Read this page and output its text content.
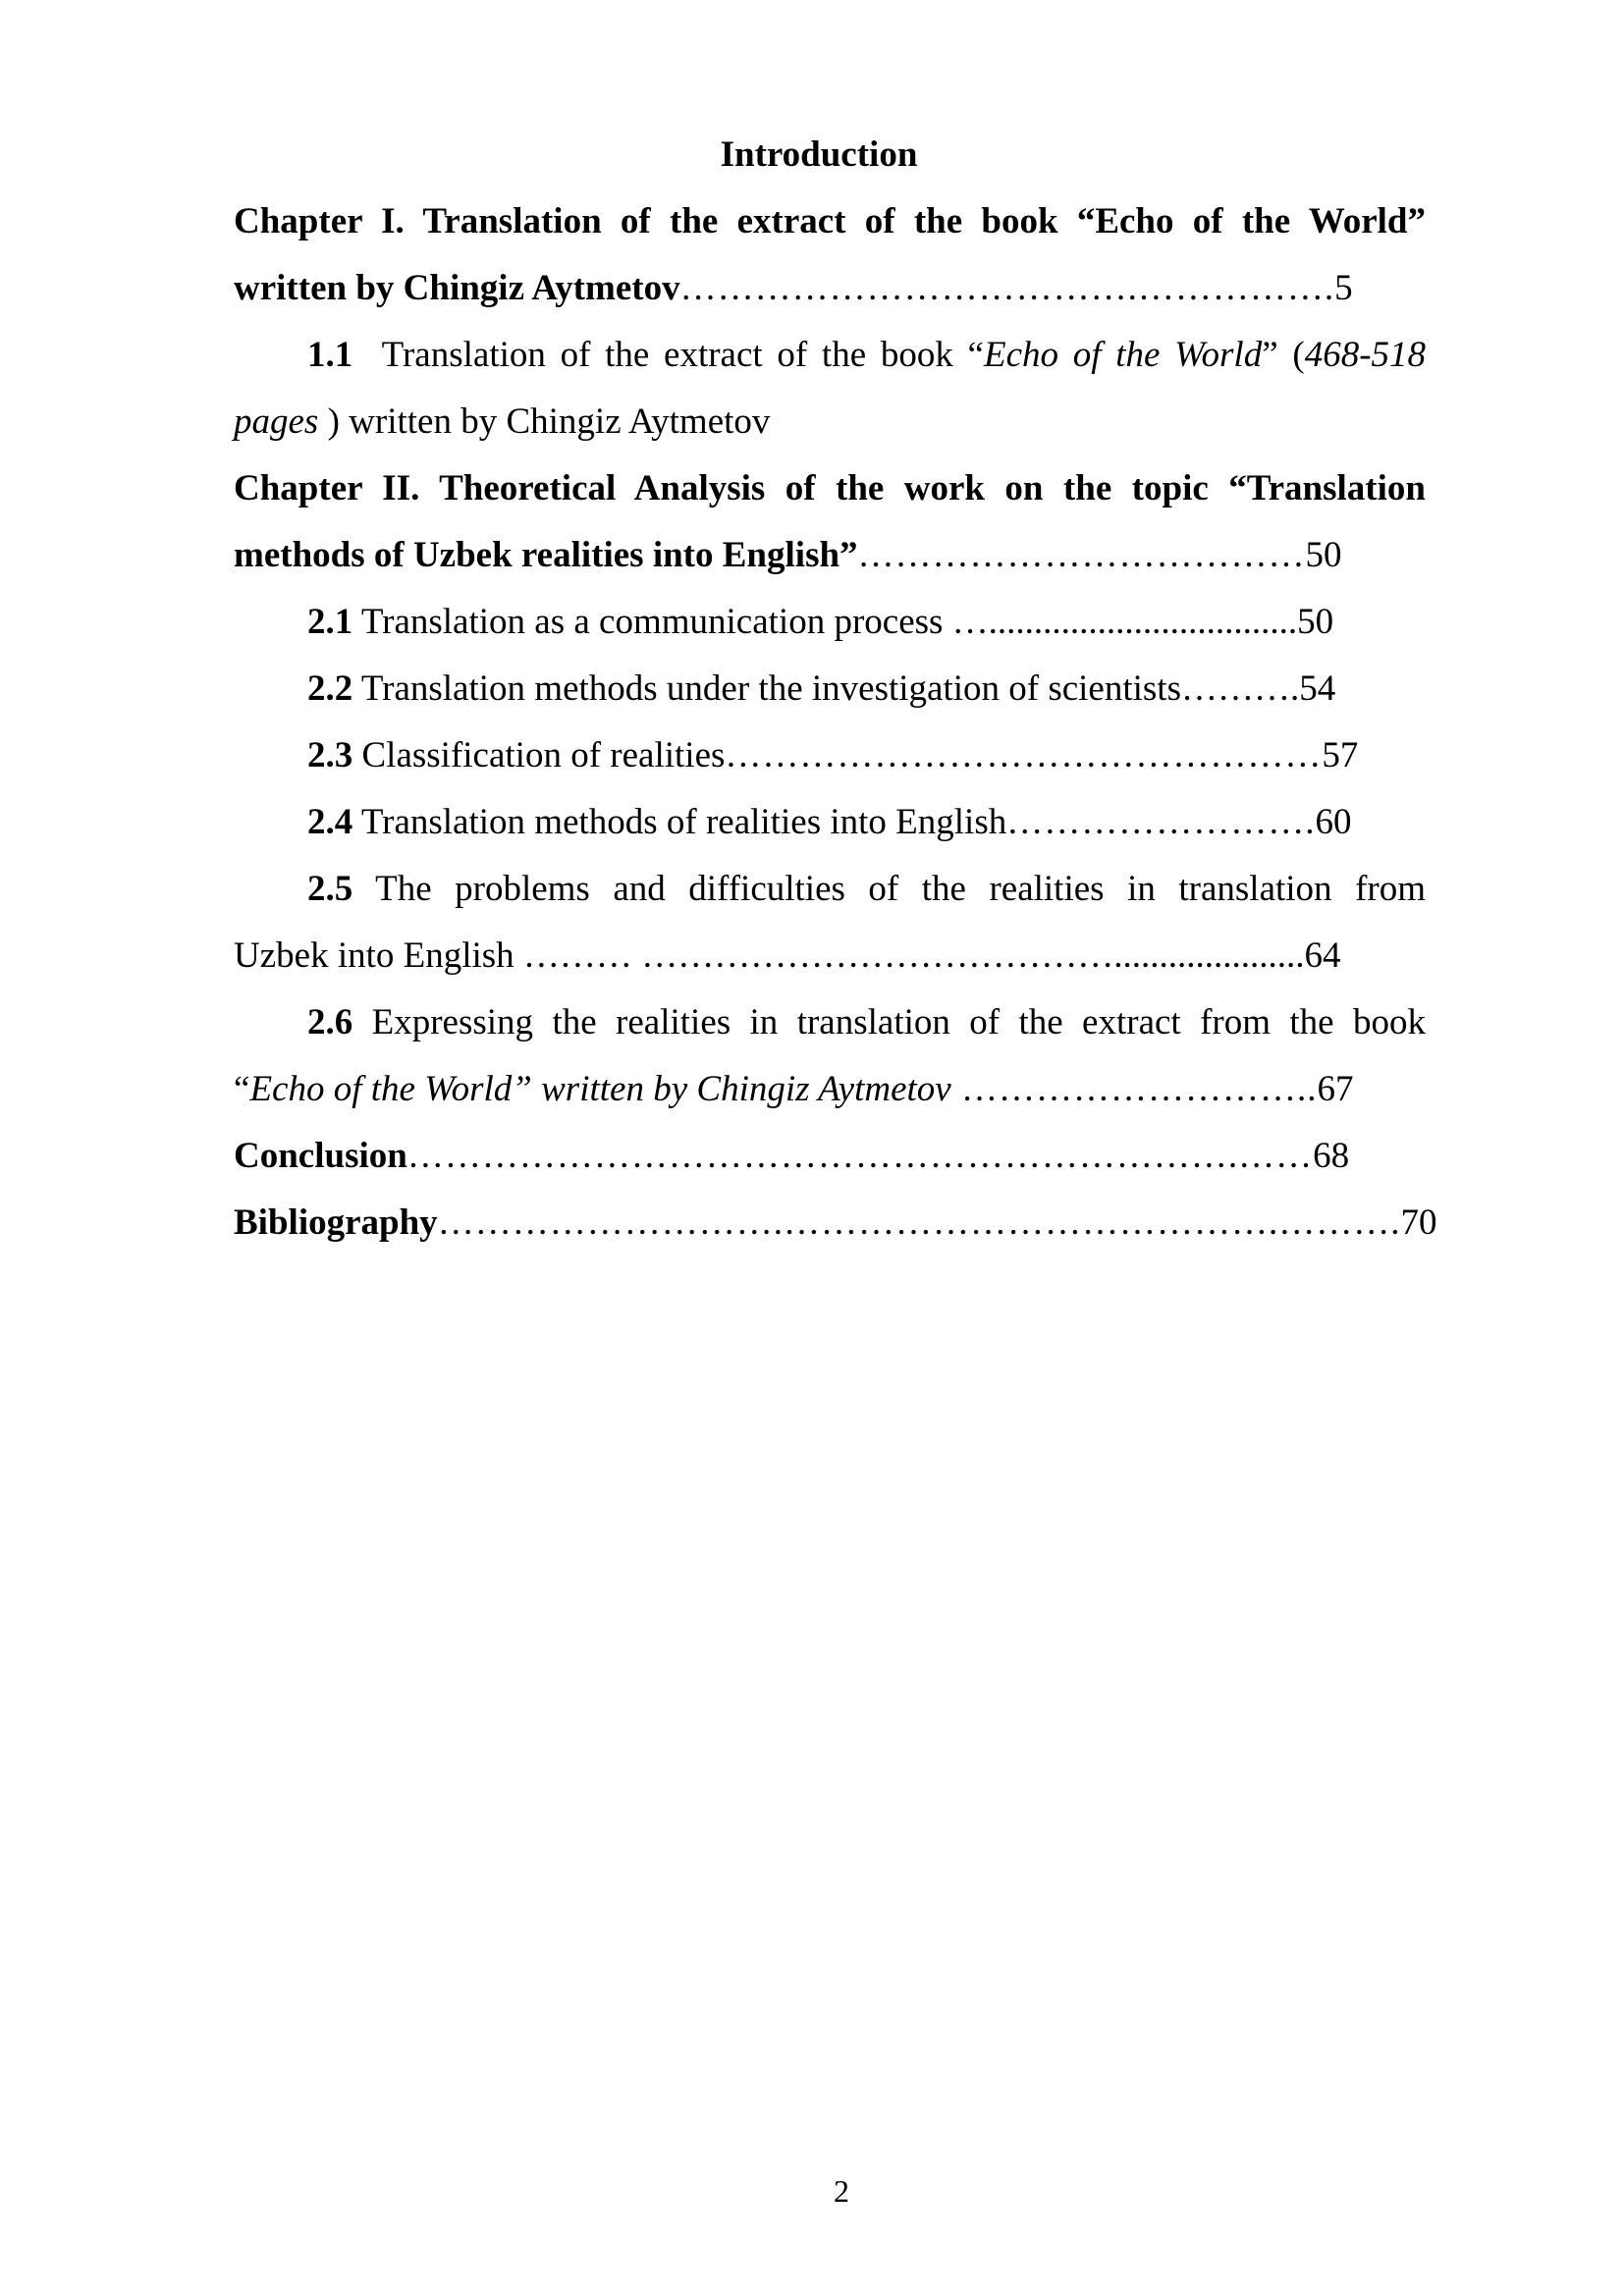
Introduction
Chapter I. Translation of the extract of the book “Echo of the World”
written by Chingiz Aytmetov……………………………….…………….5
1.1 Translation of the extract of the book “Echo of the World” (468-518
pages ) written by Chingiz Aytmetov
Chapter II. Theoretical Analysis of the work on the topic “Translation
methods of Uzbek realities into English”………………………………50
2.1 Translation as a communication process …..................................50
2.2 Translation methods under the investigation of scientists……….54
2.3 Classification of realities…………………………………………57
2.4 Translation methods of realities into English…………………….60
2.5 The problems and difficulties of the realities in translation from
Uzbek into English ……… ………………………………….....................64
2.6 Expressing the realities in translation of the extract from the book
“Echo of the World” written by Chingiz Aytmetov ………………………..67
Conclusion………………………………………………………….……68
Bibliography……………………….………………………………….……….70
2
